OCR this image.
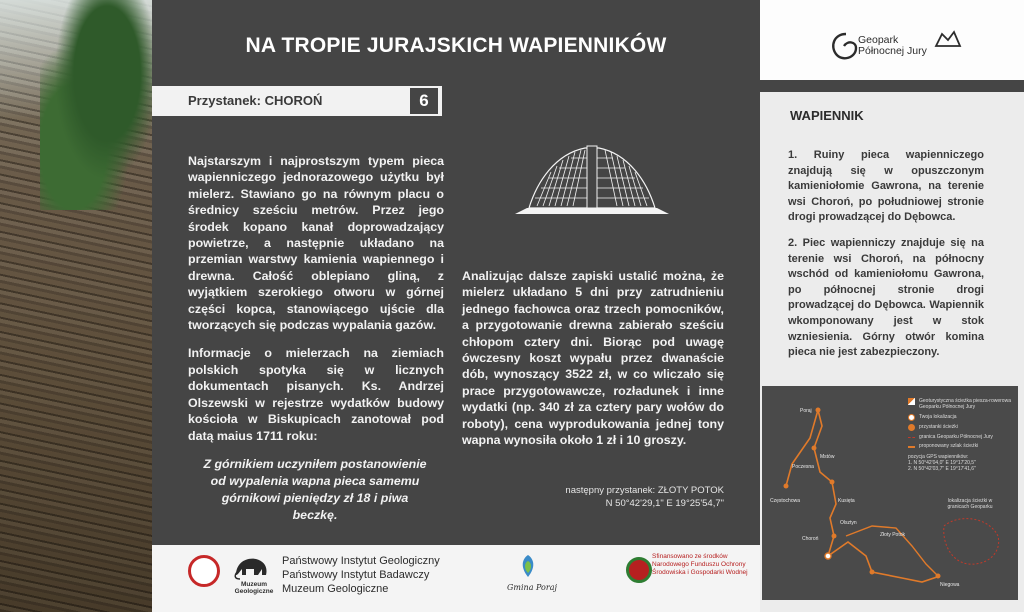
NA TROPIE JURAJSKICH WAPIENNIKÓW
Przystanek: CHOROŃ	6

Najstarszym i najprostszym typem pieca wapienniczego jednorazowego użytku był mielerz. Stawiano go na równym placu o średnicy sześciu metrów. Przez jego środek kopano kanał doprowadzający powietrze, a następnie układano na przemian warstwy kamienia wapiennego i drewna. Całość oblepiano gliną, z wyjątkiem szerokiego otworu w górnej części kopca, stanowiącego ujście dla tworzących się podczas wypalania gazów.

Informacje o mielerzach na ziemiach polskich spotyka się w licznych dokumentach pisanych. Ks. Andrzej Olszewski w rejestrze wydatków budowy kościoła w Biskupicach zanotował pod datą maius 1711 roku:

Z górnikiem uczyniłem postanowienie od wypalenia wapna pieca samemu górnikowi pieniędzy zł 18 i piwa beczkę.
Analizując dalsze zapiski ustalić można, że mielerz układano 5 dni przy zatrudnieniu jednego fachowca oraz trzech pomocników, a przygotowanie drewna zabierało sześciu chłopom cztery dni. Biorąc pod uwagę ówczesny koszt wypału przez dwanaście dób, wynoszący 3522 zł, w co wliczało się prace przygotowawcze, rozładunek i inne wydatki (np. 340 zł za cztery pary wołów do roboty), cena wyprodukowania jednej tony wapna wynosiła około 1 zł i 10 groszy.
następny przystanek: ZŁOTY POTOK
N 50°42'29,1" E 19°25'54,7"
Muzeum Geologiczne
Państwowy Instytut Geologiczny
Państwowy Instytut Badawczy
Muzeum Geologiczne	Gmina Poraj
Sfinansowano ze środków Narodowego Funduszu Ochrony Środowiska i Gospodarki Wodnej
Geopark
Północnej Jury
WAPIENNIK

1. Ruiny pieca wapienniczego znajdują się w opuszczonym kamieniołomie Gawrona, na terenie wsi Choroń, po południowej stronie drogi prowadzącej do Dębowca.

2. Piec wapienniczy znajduje się na terenie wsi Choroń, na północny wschód od kamieniołomu Gawrona, po północnej stronie drogi prowadzącej do Dębowca. Wapiennik wkomponowany jest w stok wzniesienia. Górny otwór komina pieca nie jest zabezpieczony.

Poraj
Poczesna
Mstów
Kusięta
Olsztyn
Choroń
Złoty Potok
Częstochowa
Niegowa
Geoturystyczna ścieżka piesza-rowerowa Geoparku Północnej Jury
Twoja lokalizacja
przystanki ścieżki
granica Geoparku Północnej Jury
proponowany szlak ścieżki
pozycja GPS wapienników:
1. N 50°42'04,0" E 19°17'20,5"
2. N 50°42'03,7" E 19°17'41,6"
lokalizacja ścieżki w granicach Geoparku
